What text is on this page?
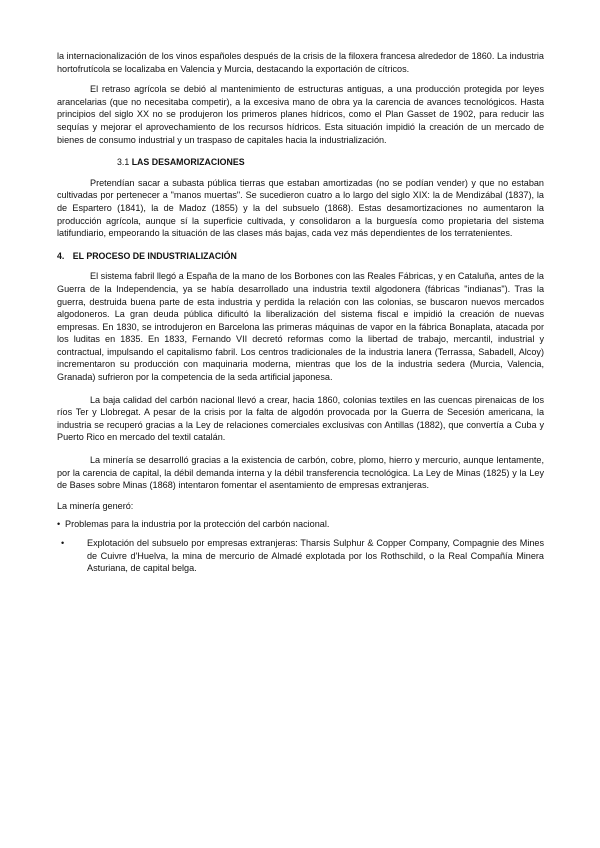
la internacionalización de los vinos españoles después de la crisis de la filoxera francesa alrededor de 1860. La industria hortofrutícola se localizaba en Valencia y Murcia, destacando la exportación de cítricos.

El retraso agrícola se debió al mantenimiento de estructuras antiguas, a una producción protegida por leyes arancelarias (que no necesitaba competir), a la excesiva mano de obra ya la carencia de avances tecnológicos. Hasta principios del siglo XX no se produjeron los primeros planes hídricos, como el Plan Gasset de 1902, para reducir las sequías y mejorar el aprovechamiento de los recursos hídricos. Esta situación impidió la creación de un mercado de bienes de consumo industrial y un traspaso de capitales hacia la industrialización.

3.1 LAS DESAMORIZACIONES

Pretendían sacar a subasta pública tierras que estaban amortizadas (no se podían vender) y que no estaban cultivadas por pertenecer a "manos muertas". Se sucedieron cuatro a lo largo del siglo XIX: la de Mendizábal (1837), la de Espartero (1841), la de Madoz (1855) y la del subsuelo (1868). Estas desamortizaciones no aumentaron la producción agrícola, aunque sí la superficie cultivada, y consolidaron a la burguesía como propietaria del sistema latifundiario, empeorando la situación de las clases más bajas, cada vez más dependientes de los terratenientes.

4. EL PROCESO DE INDUSTRIALIZACIÓN

El sistema fabril llegó a España de la mano de los Borbones con las Reales Fábricas, y en Cataluña, antes de la Guerra de la Independencia, ya se había desarrollado una industria textil algodonera (fábricas "indianas"). Tras la guerra, destruida buena parte de esta industria y perdida la relación con las colonias, se buscaron nuevos mercados algodoneros. La gran deuda pública dificultó la liberalización del sistema fiscal e impidió la creación de nuevas empresas. En 1830, se introdujeron en Barcelona las primeras máquinas de vapor en la fábrica Bonaplata, atacada por los luditas en 1835. En 1833, Fernando VII decretó reformas como la libertad de trabajo, mercantil, industrial y contractual, impulsando el capitalismo fabril. Los centros tradicionales de la industria lanera (Terrassa, Sabadell, Alcoy) incrementaron su producción con maquinaria moderna, mientras que los de la industria sedera (Murcia, Valencia, Granada) sufrieron por la competencia de la seda artificial japonesa.

La baja calidad del carbón nacional llevó a crear, hacia 1860, colonias textiles en las cuencas pirenaicas de los ríos Ter y Llobregat. A pesar de la crisis por la falta de algodón provocada por la Guerra de Secesión americana, la industria se recuperó gracias a la Ley de relaciones comerciales exclusivas con Antillas (1882), que convertía a Cuba y Puerto Rico en mercado del textil catalán.

La minería se desarrolló gracias a la existencia de carbón, cobre, plomo, hierro y mercurio, aunque lentamente, por la carencia de capital, la débil demanda interna y la débil transferencia tecnológica. La Ley de Minas (1825) y la Ley de Bases sobre Minas (1868) intentaron fomentar el asentamiento de empresas extranjeras.

La minería generó:

• Problemas para la industria por la protección del carbón nacional.
•	Explotación del subsuelo por empresas extranjeras: Tharsis Sulphur & Copper Company, Compagnie des Mines de Cuivre d'Huelva, la mina de mercurio de Almadé explotada por los Rothschild, o la Real Compañía Minera Asturiana, de capital belga.
